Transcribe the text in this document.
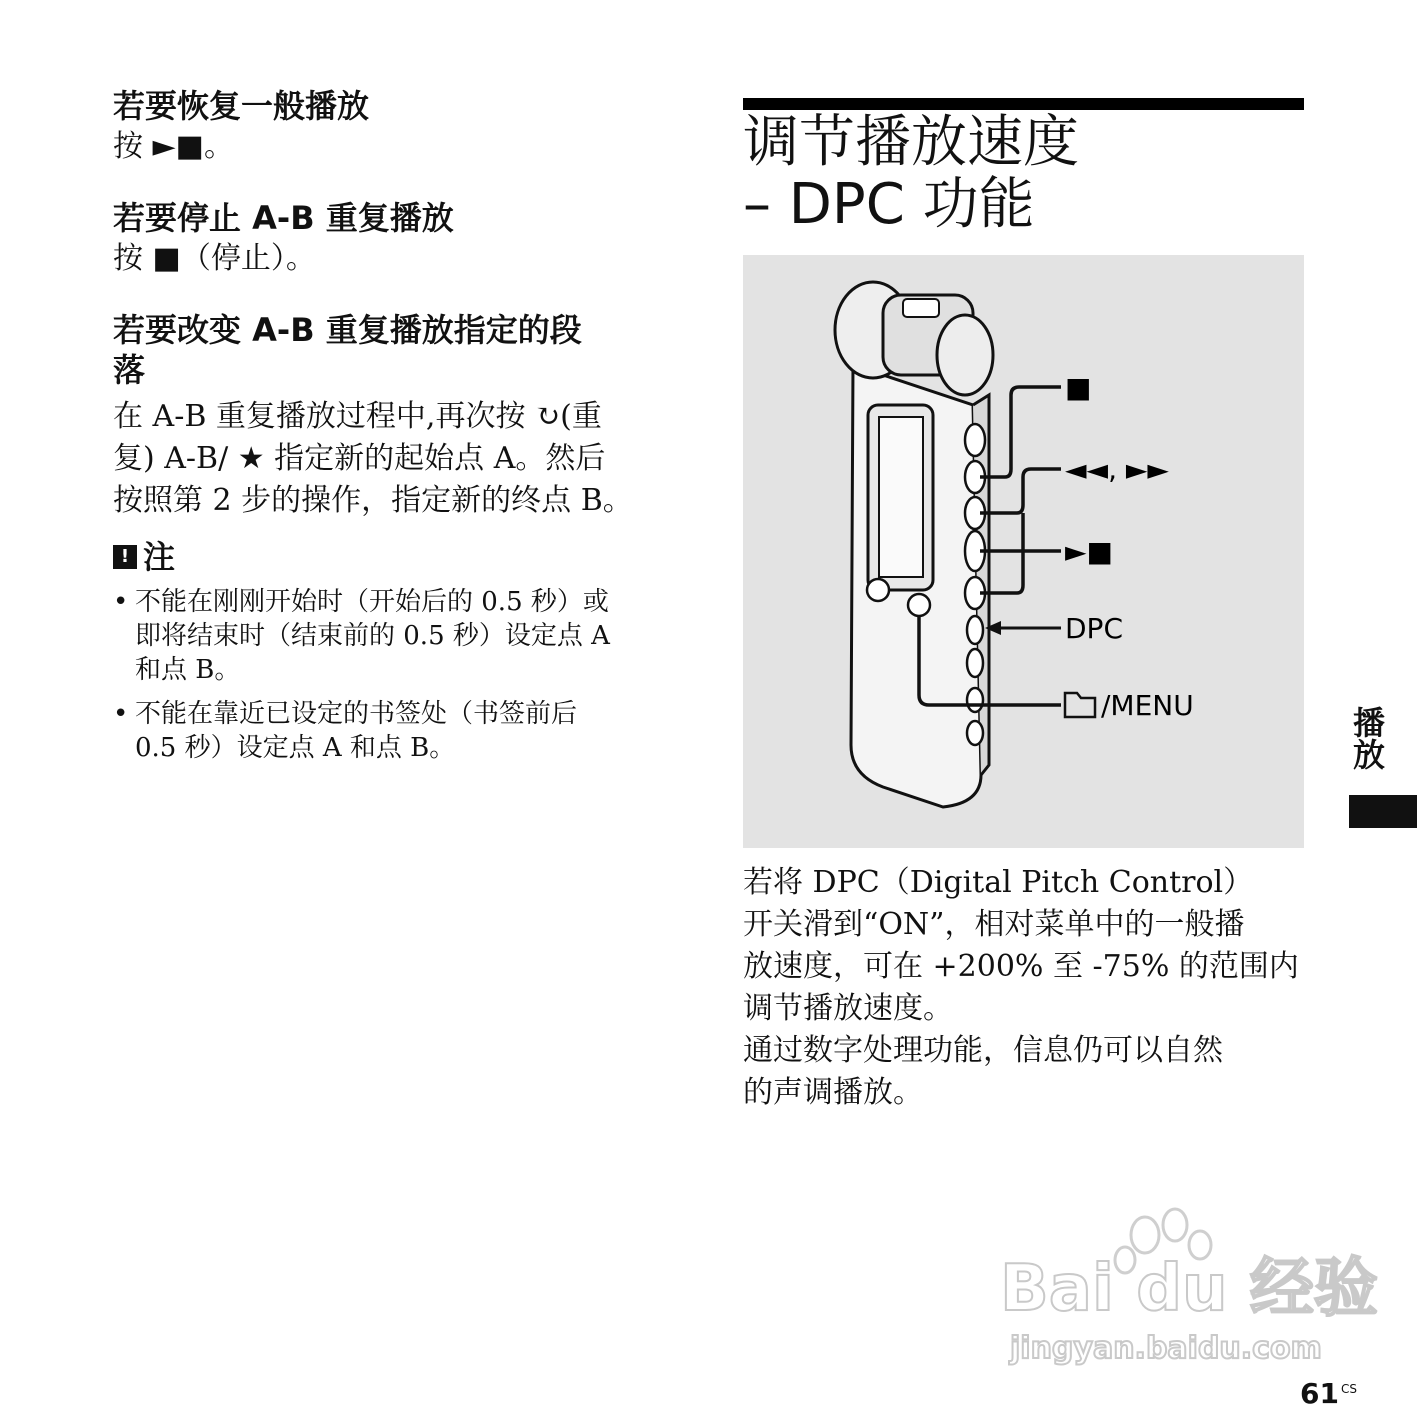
若要恢复一般播放

按 ►■。

若要停止 A-B 重复播放

按 ■（停止）。

若要改变 A-B 重复播放指定的段
落
在 A-B 重复播放过程中,再次按 ↻(重
复) A-B/ ★ 指定新的起始点 A。然后
按照第 2 步的操作，指定新的终点 B。
! 注
• 不能在刚刚开始时（开始后的 0.5 秒）或
即将结束时（结束前的 0.5 秒）设定点 A
和点 B。
• 不能在靠近已设定的书签处（书签前后
0.5 秒）设定点 A 和点 B。
调节播放速度
– DPC 功能
■
◄◄, ►►
►■
DPC
/MENU
若将 DPC（Digital Pitch Control）
开关滑到“ON”，相对菜单中的一般播
放速度，可在 +200% 至 -75% 的范围内
调节播放速度。
通过数字处理功能，信息仍可以自然
的声调播放。
播放
Bai du 经验
jingyan.baidu.com
61 $^{CS}$
